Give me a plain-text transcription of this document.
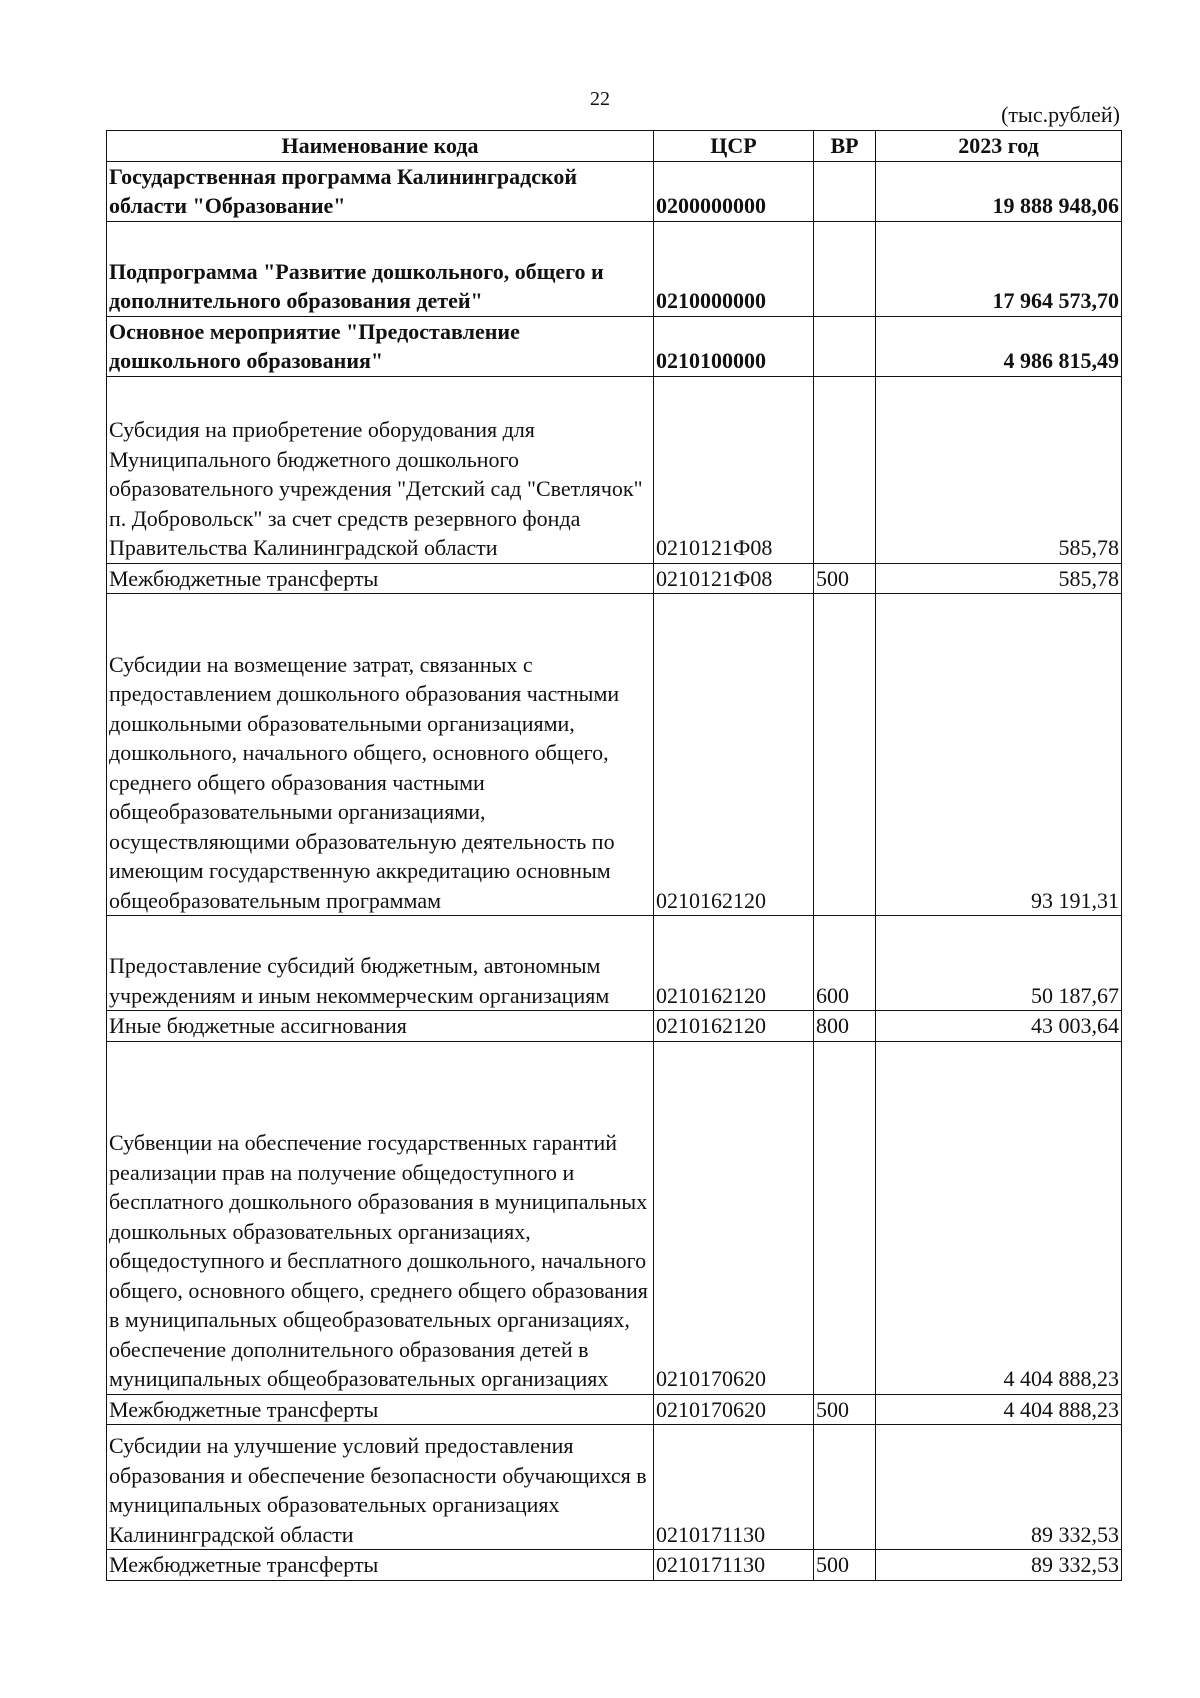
22
(тыс.рублей)
Наименование кода	ЦСР	ВР	2023 год
Государственная программа Калининградской области "Образование"	0200000000		19 888 948,06
Подпрограмма "Развитие дошкольного, общего и дополнительного образования детей"	0210000000		17 964 573,70
Основное мероприятие "Предоставление дошкольного образования"	0210100000		4 986 815,49
Субсидия на приобретение оборудования для Муниципального бюджетного дошкольного образовательного учреждения "Детский сад "Светлячок" п. Добровольск" за счет средств резервного фонда Правительства Калининградской области	0210121Ф08		585,78
Межбюджетные трансферты	0210121Ф08	500	585,78
Субсидии на возмещение затрат, связанных с предоставлением дошкольного образования частными дошкольными образовательными организациями, дошкольного, начального общего, основного общего, среднего общего образования частными общеобразовательными организациями, осуществляющими образовательную деятельность по имеющим государственную аккредитацию основным общеобразовательным программам	0210162120		93 191,31
Предоставление субсидий бюджетным, автономным учреждениям и иным некоммерческим организациям	0210162120	600	50 187,67
Иные бюджетные ассигнования	0210162120	800	43 003,64
Субвенции на обеспечение государственных гарантий реализации прав на получение общедоступного и бесплатного дошкольного образования в муниципальных дошкольных образовательных организациях, общедоступного и бесплатного дошкольного, начального общего, основного общего, среднего общего образования в муниципальных общеобразовательных организациях, обеспечение дополнительного образования детей в муниципальных общеобразовательных организациях	0210170620		4 404 888,23
Межбюджетные трансферты	0210170620	500	4 404 888,23
Субсидии на улучшение условий предоставления образования и обеспечение безопасности обучающихся в муниципальных образовательных организациях Калининградской области	0210171130		89 332,53
Межбюджетные трансферты	0210171130	500	89 332,53
